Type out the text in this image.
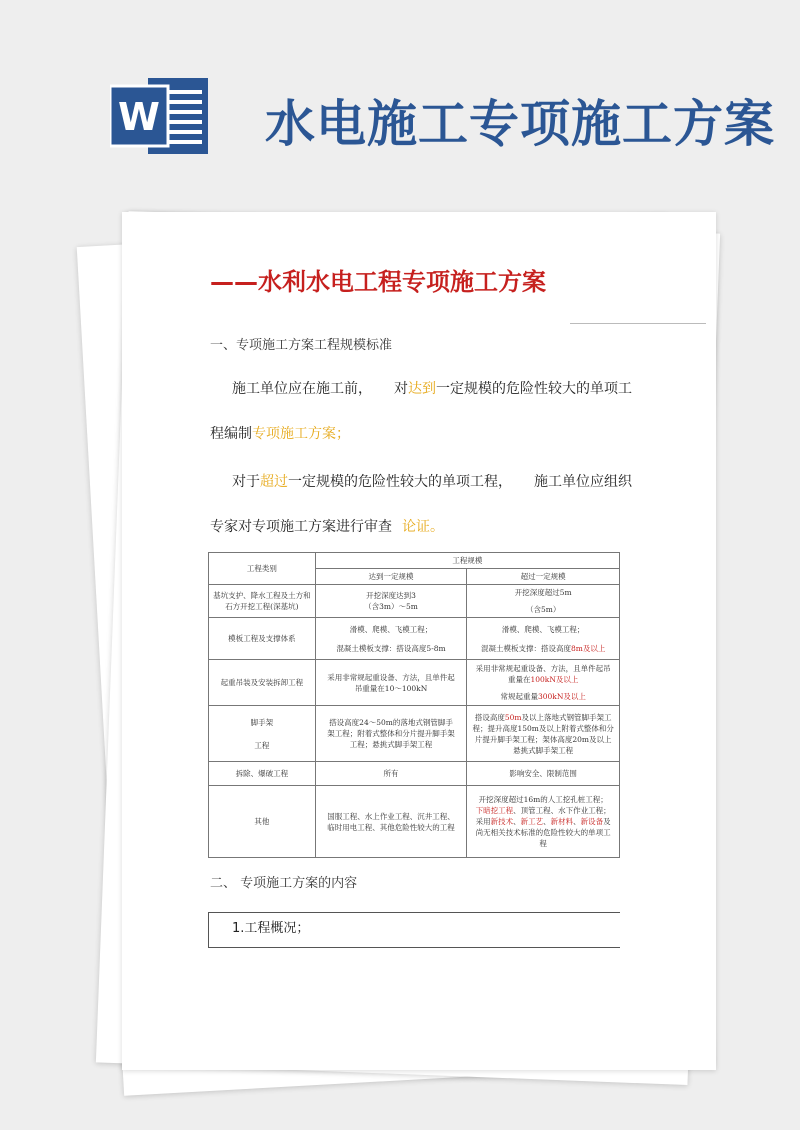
W 水电施工专项施工方案
——水利水电工程专项施工方案
一、专项施工方案工程规模标准
施工单位应在施工前， 对达到一定规模的危险性较大的单项工
程编制专项施工方案；
对于超过一定规模的危险性较大的单项工程， 施工单位应组织
专家对专项施工方案进行审查 论证。
工程类别	工程规模	
	达到一定规模	超过一定规模

基坑支护、降水工程及土方和
石方开挖工程(深基坑)	开挖深度达到3
（含3m）～5m	开挖深度超过5m
（含5m）

模板工程及支撑体系	滑模、爬模、飞模工程；
混凝土模板支撑：搭设高度5-8m	滑模、爬模、飞模工程；
混凝土模板支撑：搭设高度8m及以上

起重吊装及安装拆卸工程	采用非常规起重设备、方法，且单件起
吊重量在10～100kN	采用非常规起重设备、方法，且单件起吊
重量在100kN及以上
常规起重量300kN及以上

脚手架
工程	搭设高度24～50m的落地式钢管脚手
架工程；附着式整体和分片提升脚手架
工程；悬挑式脚手架工程	搭设高度50m及以上落地式钢管脚手架工
程；提升高度150m及以上附着式整体和分
片提升脚手架工程；架体高度20m及以上
悬挑式脚手架工程

拆除、爆破工程	所有	影响安全、限制范围
其他	国服工程、水上作业工程、沉井工程、
临时用电工程、其他危险性较大的工程	开挖深度超过16m的人工挖孔桩工程；
下暗挖工程、顶管工程、水下作业工程；
采用新技术、新工艺、新材料、新设备及
尚无相关技术标准的危险性较大的单项工
程
二、 专项施工方案的内容
1.工程概况；
